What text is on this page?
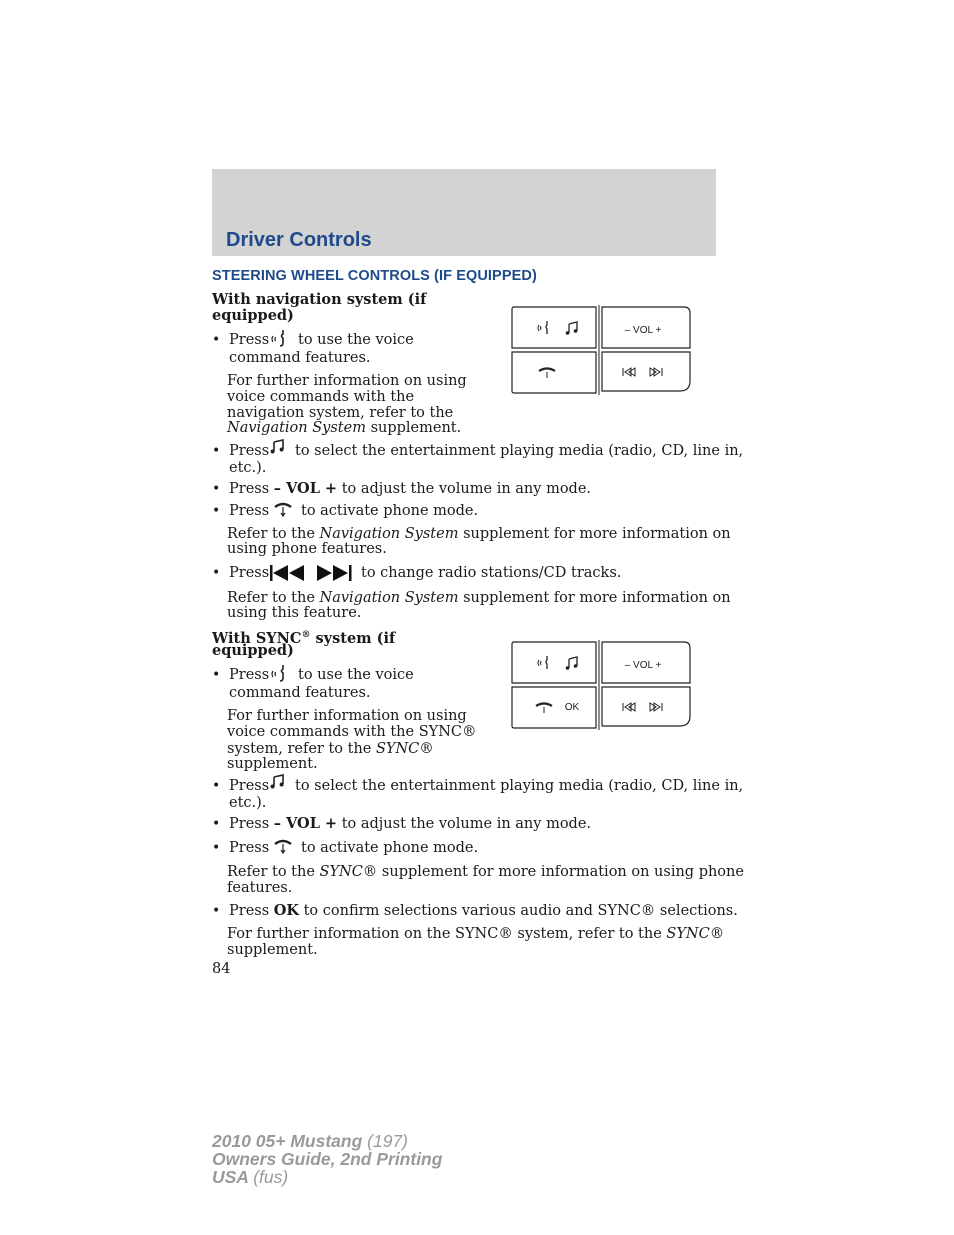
Driver Controls
STEERING WHEEL CONTROLS (IF EQUIPPED)
With navigation system (if
equipped)
• Press to use the voice
command features.
For further information on using
voice commands with the
navigation system, refer to the
Navigation System supplement.
– VOL +
• Press to select the entertainment playing media (radio, CD, line in,
etc.).
• Press – VOL + to adjust the volume in any mode.
• Press to activate phone mode.
Refer to the Navigation System supplement for more information on
using phone features.
• Press	to change radio stations/CD tracks.
Refer to the Navigation System supplement for more information on
using this feature.
With SYNC® system (if
equipped)
• Press to use the voice
command features.
For further information on using
voice commands with the SYNC®
system, refer to the SYNC®
supplement.
OK
– VOL +
• Press to select the entertainment playing media (radio, CD, line in,
etc.).
• Press – VOL + to adjust the volume in any mode.
• Press to activate phone mode.
Refer to the SYNC® supplement for more information on using phone
features.
• Press OK to confirm selections various audio and SYNC® selections.
For further information on the SYNC® system, refer to the SYNC®
supplement.
84
2010 05+ Mustang (197)
Owners Guide, 2nd Printing
USA (fus)
